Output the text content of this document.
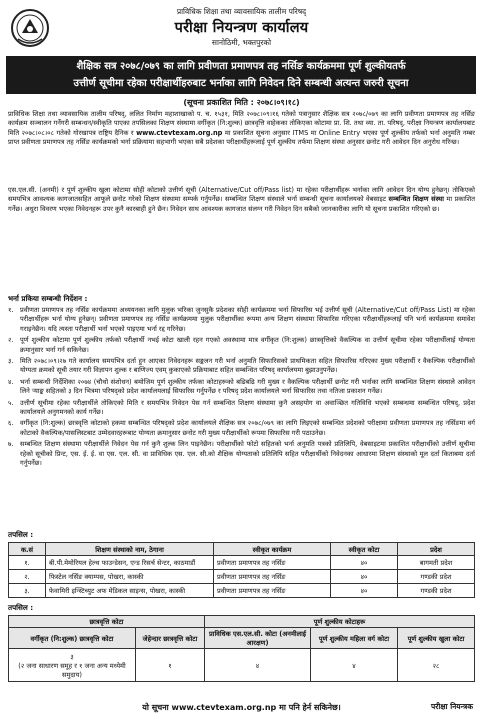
प्राविधिक शिक्षा तथा व्यावसायिक तालीम परिषद्
परीक्षा नियन्त्रण कार्यालय
सानोठिमी, भक्तपुरको
शैक्षिक सत्र २०७८/०७९ का लागि प्रवीणता प्रमाणपत्र तह नर्सिङ कार्यक्रममा पूर्ण शुल्कीयतर्फ
उत्तीर्ण सूचीमा रहेका परीक्षार्थीहरुबाट भर्नाका लागि निवेदन दिने सम्बन्धी अत्यन्त जरुरी सूचना
(सूचना प्रकाशित मिति : २०७८।०९।१८)

प्राविधिक शिक्षा तथा व्यावसायिक तालीम परिषद्, ललित निर्माण महाशाखाको प. च. १५३१, मिति २०७८।०९।१६ गतेको पत्रानुसार शैक्षिक सत्र २०७८/०७९ का लागि प्रवीणता प्रमाणपत्र तह नर्सिङ कार्यक्रम सञ्चालन गर्नेगरी सम्बन्धन/स्वीकृति पाएका तपसिलका शिक्षण संस्थामा वर्गीकृत (नि:शुल्क) छात्रवृत्ति वाहेकका तोकिएका कोटामा प्रा. शि. तथा व्या. ता. परिषद्, परीक्षा नियन्त्रण कार्यालयबाट मिति २०७८।०८।०८ गतेको गोरखापत्र राष्ट्रिय दैनिक र www.ctevtexam.org.np मा प्रकाशित सूचना अनुसार ITMS मा Online Entry भएका पूर्ण शुल्कीय तर्फको भर्ना अनुमति नम्बर प्राप्त प्रवीणता प्रमाणपत्र तह नर्सिङ कार्यक्रमको भर्ना प्रक्रियामा सहभागी भएका सबै प्रदेशका परीक्षार्थीहरूलाई पूर्ण शुल्कीय तर्फमा शिक्षण संस्था अनुसार छनोट गरी आवेदन दिन अनुरोध गरिन्छ।

एस.एल.सी. (अनमी) र पूर्ण शुल्कीय खुला कोटामा सोही कोटाको उत्तीर्ण सूची (Alternative/Cut off/Pass list) मा रहेका परीक्षार्थीहरू भर्नाका लागि आवेदन दिन योग्य हुनेछन्। तोकिएको समयभित्र आवश्यक कागजातसहित आफूले छनोट गरेको शिक्षण संस्थामा सम्पर्क गर्नुपर्नेछ। सम्बन्धित शिक्षण संस्थाले भर्ना सम्बन्धी सूचना कार्यालयको वेबसाइट सम्बन्धित शिक्षण संस्था मा प्रकाशित गर्नेछ। अधुरा विवरण भएका निवेदनहरू उपर कुनै कारबाही हुने छैन। निवेदन साथ आवश्यक कागजात संलग्न गरी निवेदन दिन सबैको जानकारीका लागि यो सूचना प्रकाशित गरिएको छ।

भर्ना प्रकिया सम्बन्धी निर्देशन :
१. प्रवीणता प्रमाणपत्र तह नर्सिङ कार्यक्रममा अध्ययनका लागि मुलुक भरिका जुनसुकै प्रदेशका सोही कार्यक्रममा भर्ना सिफारिस भई उत्तीर्ण सूची (Alternative/Cut off/Pass List) मा रहेका परीक्षार्थीहरू भर्ना योग्य हुनेछन्। प्रवीणता प्रमाणपत्र तह नर्सिङ कार्यक्रममा मुलुक परीक्षार्थीका रूपमा अन्य शिक्षण संस्थामा सिफारिस गरिएका परीक्षार्थीहरूलाई पनि भर्ना कार्यक्रममा समावेश गराइनेछैन। यदि त्यस्ता परीक्षार्थी भर्ना भएको पाइएमा भर्ना रद्द गरिनेछ।
२. पूर्ण शुल्कीय कोटामा पूर्ण शुल्कीय तर्फको परीक्षार्थी नभई कोटा खाली रहन गएको अवस्थामा मात्र वर्गीकृत (नि:शुल्क) छात्रवृत्तिको वैकल्पिक वा उत्तीर्ण सूचीमा रहेका परीक्षार्थीलाई योग्यता क्रमानुसार भर्ना गर्न सकिनेछ।
३. मिति २०७८।०९।२७ गते कार्यालय समयभित्र दर्ता हुन आएका निवेदनहरू सङ्कलन गरी भर्ना अनुमति सिफारिसको प्राथमिकता सहित सिफारिस गरिएका मुख्य परीक्षार्थी र वैकल्पिक परीक्षार्थीको योग्यता क्रमको सूची तयार गरी विज्ञापन शुल्क र बाणिज्य एवम् कुकाएको प्रक्रियाबाट सहित सम्बन्धित परिषद् कार्यालयमा बुझाउनुपर्नेछ।
४. भर्ना सम्बन्धी निर्देशिका २०७४ (चौथो संशोधन) बमोजिम पूर्ण शुल्कीय तर्फका कोटाहरूको बढिबढि गरी मुख्य र वैकल्पिक परीक्षार्थी छनोट गरी भर्नाका लागि सम्बन्धित शिक्षण संस्थाले आवेदन लिने र्‍याङ्क सहितको ३ दिन भित्रमा परिषद्को प्रदेश कार्यालयलाई सिफारिस गर्नुपर्नेछ र परिषद् प्रदेश कार्यालयले भर्ना सिफारिस तथा नतिजा प्रकाशन गर्नेछ।
५. उत्तीर्ण सूचीमा रहेका परीक्षार्थीले तोकिएको मिति र समयभित्र निवेदन पेस गर्न सम्बन्धित शिक्षण संस्थामा कुनै असहयोग वा अवाञ्छित गतिविधि भएको सम्बन्धमा सम्बन्धित परिषद्, प्रदेश कार्यालयले अनुगमनको कार्य गर्नेछ।
६. वर्गीकृत (नि:शुल्क) छात्रवृत्ति कोटाको हकमा सम्बन्धित परिषद्को प्रदेश कार्यालयले शैक्षिक सत्र २०७८/०७९ का लागि लिइएको सम्बन्धित प्रदेशको परीक्षामा प्रवीणता प्रमाणपत्र तह नर्सिङमा वर्ग कोटाको वैकल्पिक/पासलिस्टबाट उम्मेदवारहरूबाट योग्यता क्रमानुसार छनोट गरी मुख्य परीक्षार्थीको रूपमा सिफारिस गरी पठाउनेछ।
७. सम्बन्धित शिक्षण संस्थामा परीक्षार्थीले निवेदन पेस गर्न कुनै शुल्क लिन पाइनेछैन। परीक्षार्थीको फोटो सहितको भर्ना अनुमति पत्रको प्रतिलिपि, वेबसाइटमा प्रकाशित परीक्षार्थीको उत्तीर्ण सूचीमा रहेको सूचीको प्रिन्ट, एस. ई. ई. वा एस. एल. सी. वा प्राविधिक एस. एल. सी.को शैक्षिक योग्यताको प्रतिलिपि सहित परीक्षार्थीको निवेदनका आधारमा शिक्षण संस्थाको मूल दर्ता किताबमा दर्ता गर्नुपर्नेछ।
तपसिल :
क.सं	शिक्षण संस्थाको नाम, ठेगाना	स्वीकृत कार्यक्रम	स्वीकृत कोटा	प्रदेश
१.	बी.पी.मेमोरियल हेल्थ फाउन्डेसन, एन्ड रिसर्च सेन्टर, काठमाडौं	प्रवीणता प्रमाणपत्र तह नर्सिङ	४०	बागमती प्रदेश
२.	फिस्टेल नर्सिङ क्याम्पस, पोखरा, कास्की	प्रवीणता प्रमाणपत्र तह नर्सिङ	४०	गण्डकी प्रदेश
३.	फेवामिरी इन्स्टिच्युट अफ मेडिकल साइन्स, पोखरा, कास्की	प्रवीणता प्रमाणपत्र तह नर्सिङ	४०	गण्डकी प्रदेश
तपसिल :
छात्रवृत्ति कोटा		पूर्ण शुल्कीय कोटाहरू		
वर्गीकृत (नि:शुल्क) छात्रवृत्ति कोटा	जेहेन्दार छात्रवृत्ति कोटा	प्राविधिक एस.एल.सी. कोटा (अनमीलाई आरक्षण)	पूर्ण शुल्कीय महिला वर्ग कोटा	पूर्ण शुल्कीय खुला कोटा
३
(२ जना साधारण समूह र १ जना अन्य मध्येमी समुदाय)	१	४	४	२८
यो सूचना www.ctevtexam.org.np मा पनि हेर्न सकिनेछ।	परीक्षा नियन्त्रक
